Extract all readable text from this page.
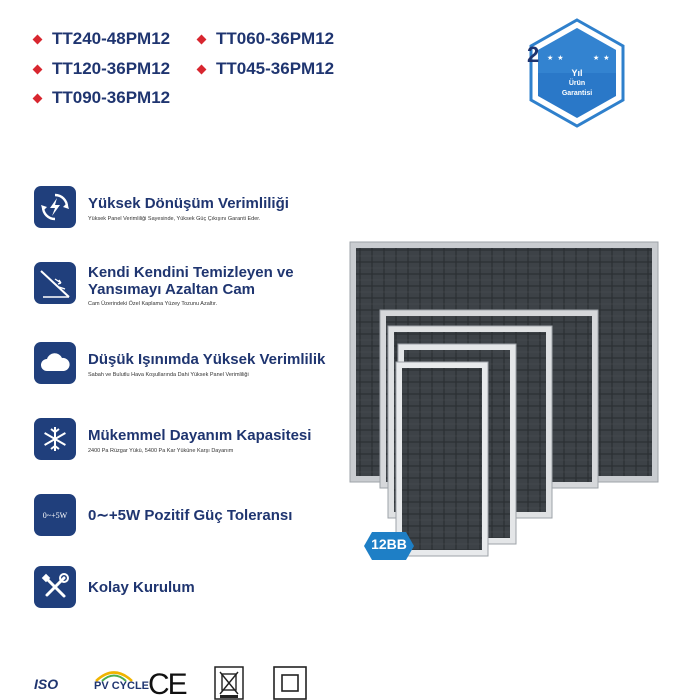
TT240-48PM12
TT120-36PM12
TT090-36PM12
TT060-36PM12
TT045-36PM12
2	★ ★	★ ★
Yıl
Ürün
Garantisi
Yüksek Dönüşüm Verimliliği
Yüksek Panel Verimliliği Sayesinde, Yüksek Güç Çıkışını Garanti Eder.
Kendi Kendini Temizleyen ve
Yansımayı Azaltan Cam
Cam Üzerindeki Özel Kaplama Yüzey Tozunu Azaltır.
Düşük Işınımda Yüksek Verimlilik
Sabah ve Bulutlu Hava Koşullarında Dahi Yüksek Panel Verimliliği
Mükemmel Dayanım Kapasitesi
2400 Pa Rüzgar Yükü, 5400 Pa Kar Yüküne Karşı Dayanım
0~+5W 0∼+5W Pozitif Güç Toleransı
Kolay Kurulum
12BB
ISO	PV CYCLE
CE
